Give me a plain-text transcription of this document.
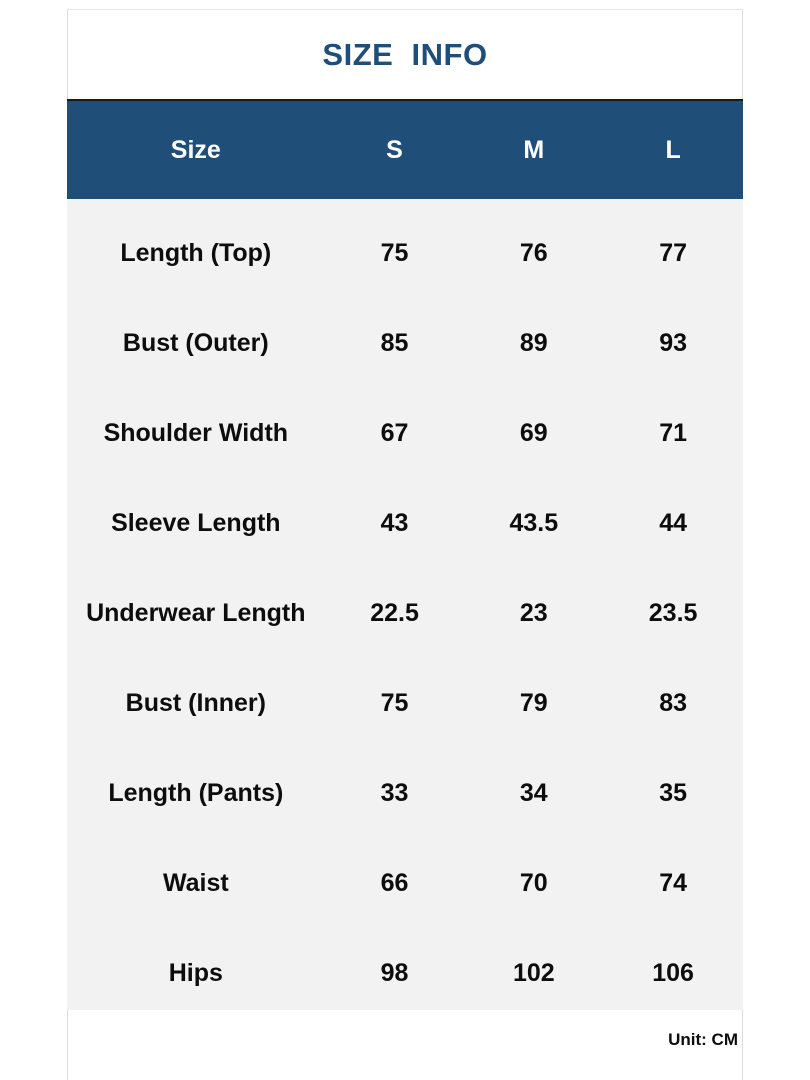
SIZE  INFO
Size	S	M	L
Length (Top)	75	76	77
Bust (Outer)	85	89	93
Shoulder Width	67	69	71
Sleeve Length	43	43.5	44
Underwear Length	22.5	23	23.5
Bust (Inner)	75	79	83
Length (Pants)	33	34	35
Waist	66	70	74
Hips	98	102	106
Unit: CM
